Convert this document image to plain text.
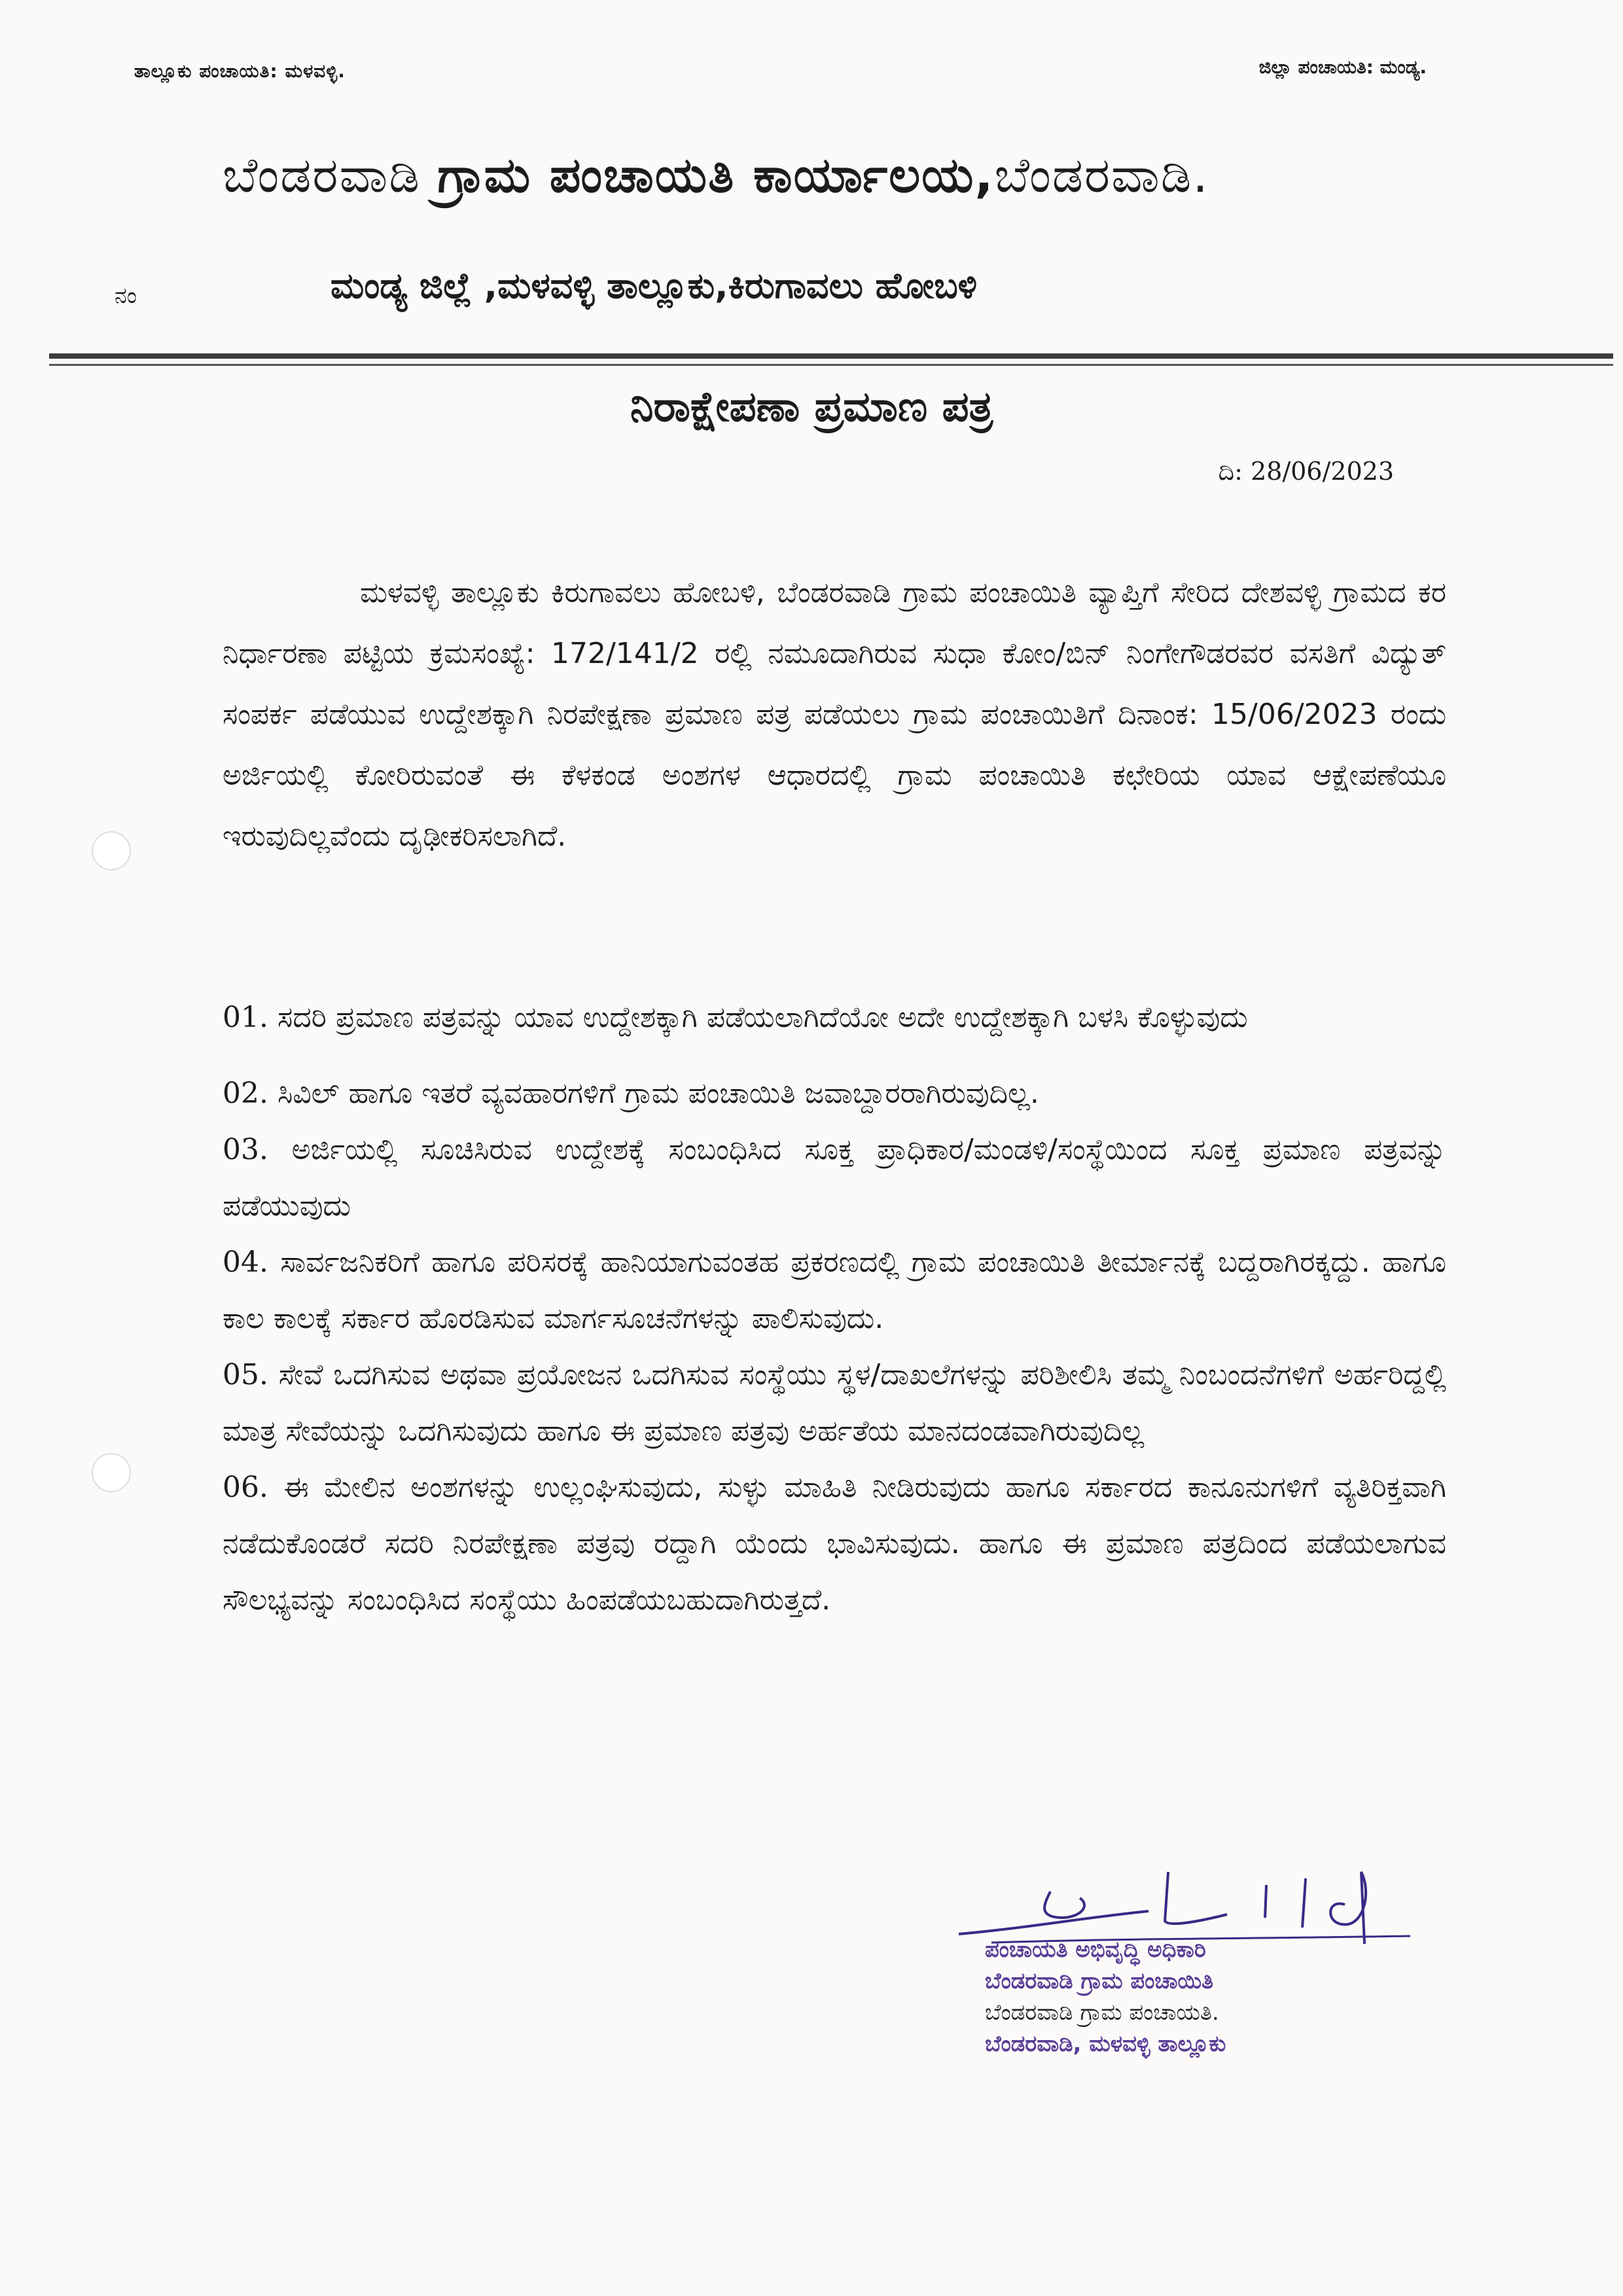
ತಾಲ್ಲೂಕು ಪಂಚಾಯತಿ: ಮಳವಳ್ಳಿ.	ಜಿಲ್ಲಾ ಪಂಚಾಯತಿ: ಮಂಡ್ಯ.
ಬೆಂಡರವಾಡಿ ಗ್ರಾಮ ಪಂಚಾಯತಿ ಕಾರ್ಯಾಲಯ,ಬೆಂಡರವಾಡಿ.
ನಂ	ಮಂಡ್ಯ ಜಿಲ್ಲೆ ,ಮಳವಳ್ಳಿ ತಾಲ್ಲೂಕು,ಕಿರುಗಾವಲು ಹೋಬಳಿ
ನಿರಾಕ್ಷೇಪಣಾ ಪ್ರಮಾಣ ಪತ್ರ
ದಿ: 28/06/2023

ಮಳವಳ್ಳಿ ತಾಲ್ಲೂಕು ಕಿರುಗಾವಲು ಹೋಬಳಿ, ಬೆಂಡರವಾಡಿ ಗ್ರಾಮ ಪಂಚಾಯಿತಿ ವ್ಯಾಪ್ತಿಗೆ ಸೇರಿದ ದೇಶವಳ್ಳಿ ಗ್ರಾಮದ ಕರ ನಿರ್ಧಾರಣಾ ಪಟ್ಟಿಯ ಕ್ರಮಸಂಖ್ಯೆ: 172/141/2 ರಲ್ಲಿ ನಮೂದಾಗಿರುವ ಸುಧಾ ಕೋಂ/ಬಿನ್ ನಿಂಗೇಗೌಡರವರ ವಸತಿಗೆ ವಿದ್ಯುತ್ ಸಂಪರ್ಕ ಪಡೆಯುವ ಉದ್ದೇಶಕ್ಕಾಗಿ ನಿರಪೇಕ್ಷಣಾ ಪ್ರಮಾಣ ಪತ್ರ ಪಡೆಯಲು ಗ್ರಾಮ ಪಂಚಾಯಿತಿಗೆ ದಿನಾಂಕ: 15/06/2023 ರಂದು ಅರ್ಜಿಯಲ್ಲಿ ಕೋರಿರುವಂತೆ ಈ ಕೆಳಕಂಡ ಅಂಶಗಳ ಆಧಾರದಲ್ಲಿ ಗ್ರಾಮ ಪಂಚಾಯಿತಿ ಕಛೇರಿಯ ಯಾವ ಆಕ್ಷೇಪಣೆಯೂ ಇರುವುದಿಲ್ಲವೆಂದು ದೃಢೀಕರಿಸಲಾಗಿದೆ.

01. ಸದರಿ ಪ್ರಮಾಣ ಪತ್ರವನ್ನು ಯಾವ ಉದ್ದೇಶಕ್ಕಾಗಿ ಪಡೆಯಲಾಗಿದೆಯೋ ಅದೇ ಉದ್ದೇಶಕ್ಕಾಗಿ ಬಳಸಿ ಕೊಳ್ಳುವುದು

02. ಸಿವಿಲ್ ಹಾಗೂ ಇತರೆ ವ್ಯವಹಾರಗಳಿಗೆ ಗ್ರಾಮ ಪಂಚಾಯಿತಿ ಜವಾಬ್ದಾರರಾಗಿರುವುದಿಲ್ಲ.

03. ಅರ್ಜಿಯಲ್ಲಿ ಸೂಚಿಸಿರುವ ಉದ್ದೇಶಕ್ಕೆ ಸಂಬಂಧಿಸಿದ ಸೂಕ್ತ ಪ್ರಾಧಿಕಾರ/ಮಂಡಳಿ/ಸಂಸ್ಥೆಯಿಂದ ಸೂಕ್ತ ಪ್ರಮಾಣ ಪತ್ರವನ್ನು ಪಡೆಯುವುದು

04. ಸಾರ್ವಜನಿಕರಿಗೆ ಹಾಗೂ ಪರಿಸರಕ್ಕೆ ಹಾನಿಯಾಗುವಂತಹ ಪ್ರಕರಣದಲ್ಲಿ ಗ್ರಾಮ ಪಂಚಾಯಿತಿ ತೀರ್ಮಾನಕ್ಕೆ ಬದ್ದರಾಗಿರಕ್ಕದ್ದು. ಹಾಗೂ ಕಾಲ ಕಾಲಕ್ಕೆ ಸರ್ಕಾರ ಹೊರಡಿಸುವ ಮಾರ್ಗಸೂಚನೆಗಳನ್ನು ಪಾಲಿಸುವುದು.

05. ಸೇವೆ ಒದಗಿಸುವ ಅಥವಾ ಪ್ರಯೋಜನ ಒದಗಿಸುವ ಸಂಸ್ಥೆಯು ಸ್ಥಳ/ದಾಖಲೆಗಳನ್ನು ಪರಿಶೀಲಿಸಿ ತಮ್ಮ ನಿಂಬಂದನೆಗಳಿಗೆ ಅರ್ಹರಿದ್ದಲ್ಲಿ ಮಾತ್ರ ಸೇವೆಯನ್ನು ಒದಗಿಸುವುದು ಹಾಗೂ ಈ ಪ್ರಮಾಣ ಪತ್ರವು ಅರ್ಹತೆಯ ಮಾನದಂಡವಾಗಿರುವುದಿಲ್ಲ

06. ಈ ಮೇಲಿನ ಅಂಶಗಳನ್ನು ಉಲ್ಲಂಘಿಸುವುದು, ಸುಳ್ಳು ಮಾಹಿತಿ ನೀಡಿರುವುದು ಹಾಗೂ ಸರ್ಕಾರದ ಕಾನೂನುಗಳಿಗೆ ವ್ಯತಿರಿಕ್ತವಾಗಿ ನಡೆದುಕೊಂಡರೆ ಸದರಿ ನಿರಪೇಕ್ಷಣಾ ಪತ್ರವು ರದ್ದಾಗಿ ಯೆಂದು ಭಾವಿಸುವುದು. ಹಾಗೂ ಈ ಪ್ರಮಾಣ ಪತ್ರದಿಂದ ಪಡೆಯಲಾಗುವ ಸೌಲಭ್ಯವನ್ನು ಸಂಬಂಧಿಸಿದ ಸಂಸ್ಥೆಯು ಹಿಂಪಡೆಯಬಹುದಾಗಿರುತ್ತದೆ.

ಪಂಚಾಯತಿ ಅಭಿವೃದ್ಧಿ ಅಧಿಕಾರಿ
ಬೆಂಡರವಾಡಿ ಗ್ರಾಮ ಪಂಚಾಯಿತಿ
ಬೆಂಡರವಾಡಿ ಗ್ರಾಮ ಪಂಚಾಯತಿ.
ಬೆಂಡರವಾಡಿ, ಮಳವಳ್ಳಿ ತಾಲ್ಲೂಕು
